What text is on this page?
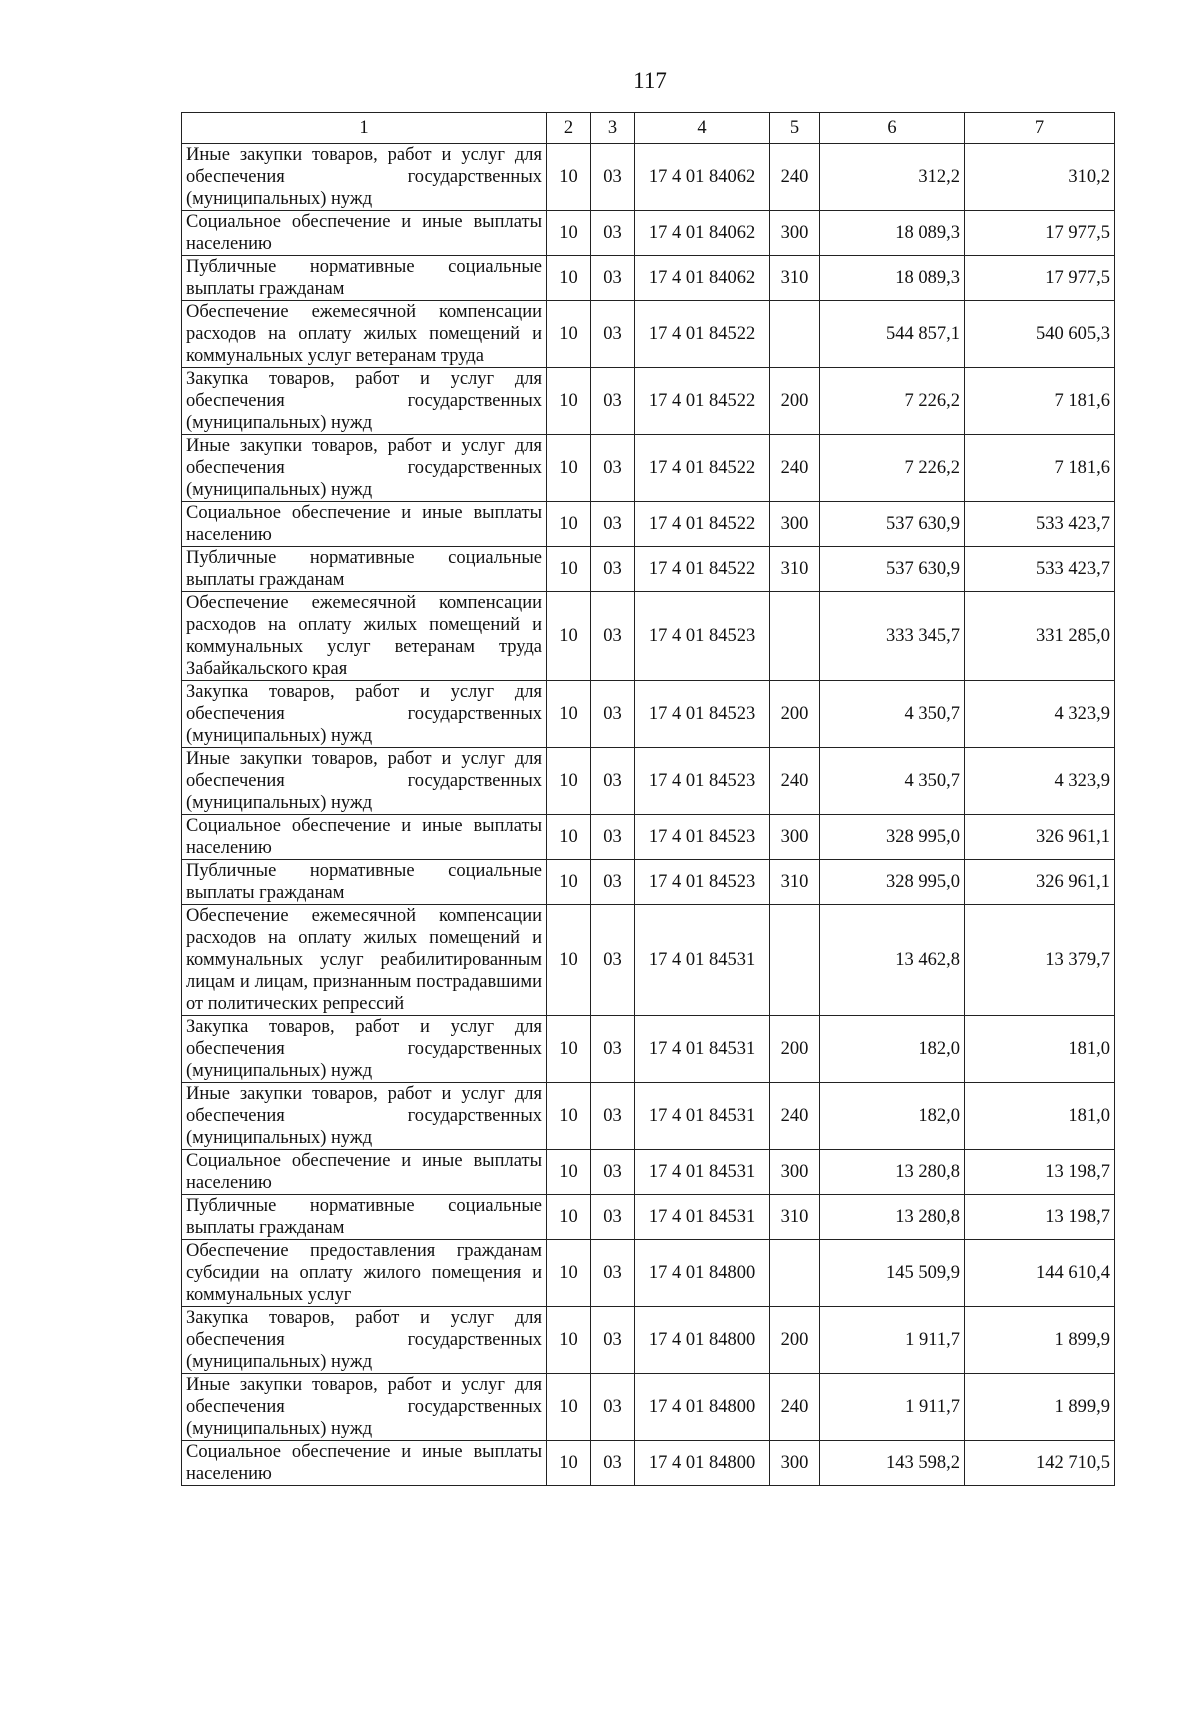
117
1	2	3	4	5	6	7
Иные закупки товаров, работ и услуг для обеспечения государственных (муниципальных) нужд	10	03	17 4 01 84062	240	312,2	310,2
Социальное обеспечение и иные выплаты населению	10	03	17 4 01 84062	300	18 089,3	17 977,5
Публичные нормативные социальные выплаты гражданам	10	03	17 4 01 84062	310	18 089,3	17 977,5
Обеспечение ежемесячной компенсации расходов на оплату жилых помещений и коммунальных услуг ветеранам труда	10	03	17 4 01 84522		544 857,1	540 605,3
Закупка товаров, работ и услуг для обеспечения государственных (муниципальных) нужд	10	03	17 4 01 84522	200	7 226,2	7 181,6
Иные закупки товаров, работ и услуг для обеспечения государственных (муниципальных) нужд	10	03	17 4 01 84522	240	7 226,2	7 181,6
Социальное обеспечение и иные выплаты населению	10	03	17 4 01 84522	300	537 630,9	533 423,7
Публичные нормативные социальные выплаты гражданам	10	03	17 4 01 84522	310	537 630,9	533 423,7
Обеспечение ежемесячной компенсации расходов на оплату жилых помещений и коммунальных услуг ветеранам труда Забайкальского края	10	03	17 4 01 84523		333 345,7	331 285,0
Закупка товаров, работ и услуг для обеспечения государственных (муниципальных) нужд	10	03	17 4 01 84523	200	4 350,7	4 323,9
Иные закупки товаров, работ и услуг для обеспечения государственных (муниципальных) нужд	10	03	17 4 01 84523	240	4 350,7	4 323,9
Социальное обеспечение и иные выплаты населению	10	03	17 4 01 84523	300	328 995,0	326 961,1
Публичные нормативные социальные выплаты гражданам	10	03	17 4 01 84523	310	328 995,0	326 961,1
Обеспечение ежемесячной компенсации расходов на оплату жилых помещений и коммунальных услуг реабилитированным лицам и лицам, признанным пострадавшими от политических репрессий	10	03	17 4 01 84531		13 462,8	13 379,7
Закупка товаров, работ и услуг для обеспечения государственных (муниципальных) нужд	10	03	17 4 01 84531	200	182,0	181,0
Иные закупки товаров, работ и услуг для обеспечения государственных (муниципальных) нужд	10	03	17 4 01 84531	240	182,0	181,0
Социальное обеспечение и иные выплаты населению	10	03	17 4 01 84531	300	13 280,8	13 198,7
Публичные нормативные социальные выплаты гражданам	10	03	17 4 01 84531	310	13 280,8	13 198,7
Обеспечение предоставления гражданам субсидии на оплату жилого помещения и коммунальных услуг	10	03	17 4 01 84800		145 509,9	144 610,4
Закупка товаров, работ и услуг для обеспечения государственных (муниципальных) нужд	10	03	17 4 01 84800	200	1 911,7	1 899,9
Иные закупки товаров, работ и услуг для обеспечения государственных (муниципальных) нужд	10	03	17 4 01 84800	240	1 911,7	1 899,9
Социальное обеспечение и иные выплаты населению	10	03	17 4 01 84800	300	143 598,2	142 710,5
